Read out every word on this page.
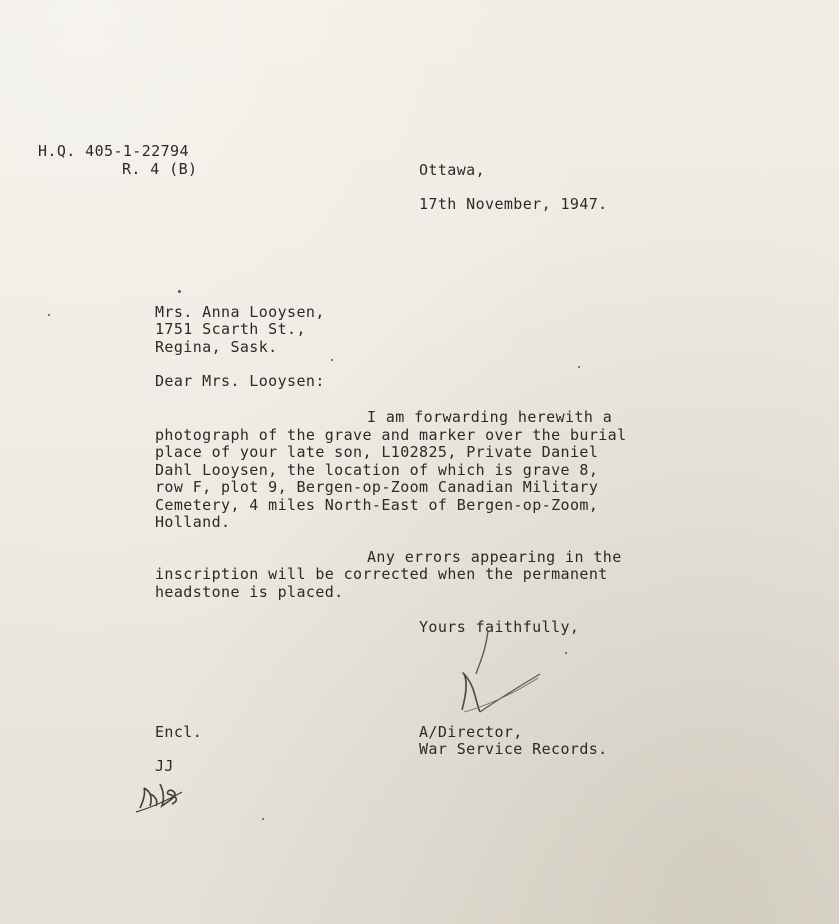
H.Q. 405-1-22794
R. 4 (B)	Ottawa,
17th November, 1947.
Mrs. Anna Looysen,
1751 Scarth St.,
Regina, Sask.
Dear Mrs. Looysen:
I am forwarding herewith a
photograph of the grave and marker over the burial
place of your late son, L102825, Private Daniel
Dahl Looysen, the location of which is grave 8,
row F, plot 9, Bergen-op-Zoom Canadian Military
Cemetery, 4 miles North-East of Bergen-op-Zoom,
Holland.
Any errors appearing in the
inscription will be corrected when the permanent
headstone is placed.
Yours faithfully,
A/Director,
War Service Records.
Encl.
JJ
